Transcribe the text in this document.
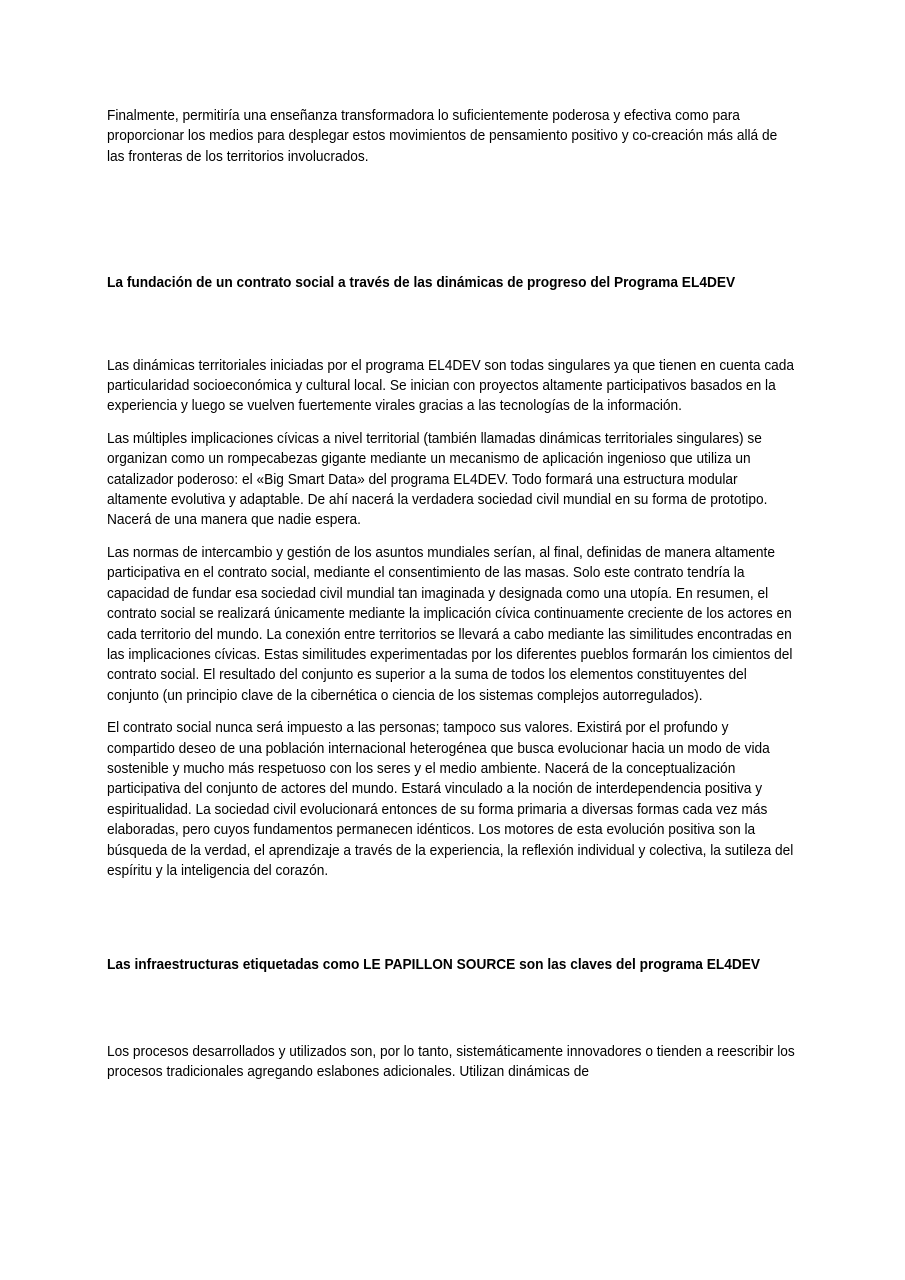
Finalmente, permitiría una enseñanza transformadora lo suficientemente poderosa y efectiva como para proporcionar los medios para desplegar estos movimientos de pensamiento positivo y co-creación más allá de las fronteras de los territorios involucrados.

La fundación de un contrato social a través de las dinámicas de progreso del Programa EL4DEV

Las dinámicas territoriales iniciadas por el programa EL4DEV son todas singulares ya que tienen en cuenta cada particularidad socioeconómica y cultural local. Se inician con proyectos altamente participativos basados en la experiencia y luego se vuelven fuertemente virales gracias a las tecnologías de la información.

Las múltiples implicaciones cívicas a nivel territorial (también llamadas dinámicas territoriales singulares) se organizan como un rompecabezas gigante mediante un mecanismo de aplicación ingenioso que utiliza un catalizador poderoso: el «Big Smart Data» del programa EL4DEV. Todo formará una estructura modular altamente evolutiva y adaptable. De ahí nacerá la verdadera sociedad civil mundial en su forma de prototipo. Nacerá de una manera que nadie espera.

Las normas de intercambio y gestión de los asuntos mundiales serían, al final, definidas de manera altamente participativa en el contrato social, mediante el consentimiento de las masas. Solo este contrato tendría la capacidad de fundar esa sociedad civil mundial tan imaginada y designada como una utopía. En resumen, el contrato social se realizará únicamente mediante la implicación cívica continuamente creciente de los actores en cada territorio del mundo. La conexión entre territorios se llevará a cabo mediante las similitudes encontradas en las implicaciones cívicas. Estas similitudes experimentadas por los diferentes pueblos formarán los cimientos del contrato social. El resultado del conjunto es superior a la suma de todos los elementos constituyentes del conjunto (un principio clave de la cibernética o ciencia de los sistemas complejos autorregulados).

El contrato social nunca será impuesto a las personas; tampoco sus valores. Existirá por el profundo y compartido deseo de una población internacional heterogénea que busca evolucionar hacia un modo de vida sostenible y mucho más respetuoso con los seres y el medio ambiente. Nacerá de la conceptualización participativa del conjunto de actores del mundo. Estará vinculado a la noción de interdependencia positiva y espiritualidad. La sociedad civil evolucionará entonces de su forma primaria a diversas formas cada vez más elaboradas, pero cuyos fundamentos permanecen idénticos. Los motores de esta evolución positiva son la búsqueda de la verdad, el aprendizaje a través de la experiencia, la reflexión individual y colectiva, la sutileza del espíritu y la inteligencia del corazón.

Las infraestructuras etiquetadas como LE PAPILLON SOURCE son las claves del programa EL4DEV

Los procesos desarrollados y utilizados son, por lo tanto, sistemáticamente innovadores o tienden a reescribir los procesos tradicionales agregando eslabones adicionales. Utilizan dinámicas de
